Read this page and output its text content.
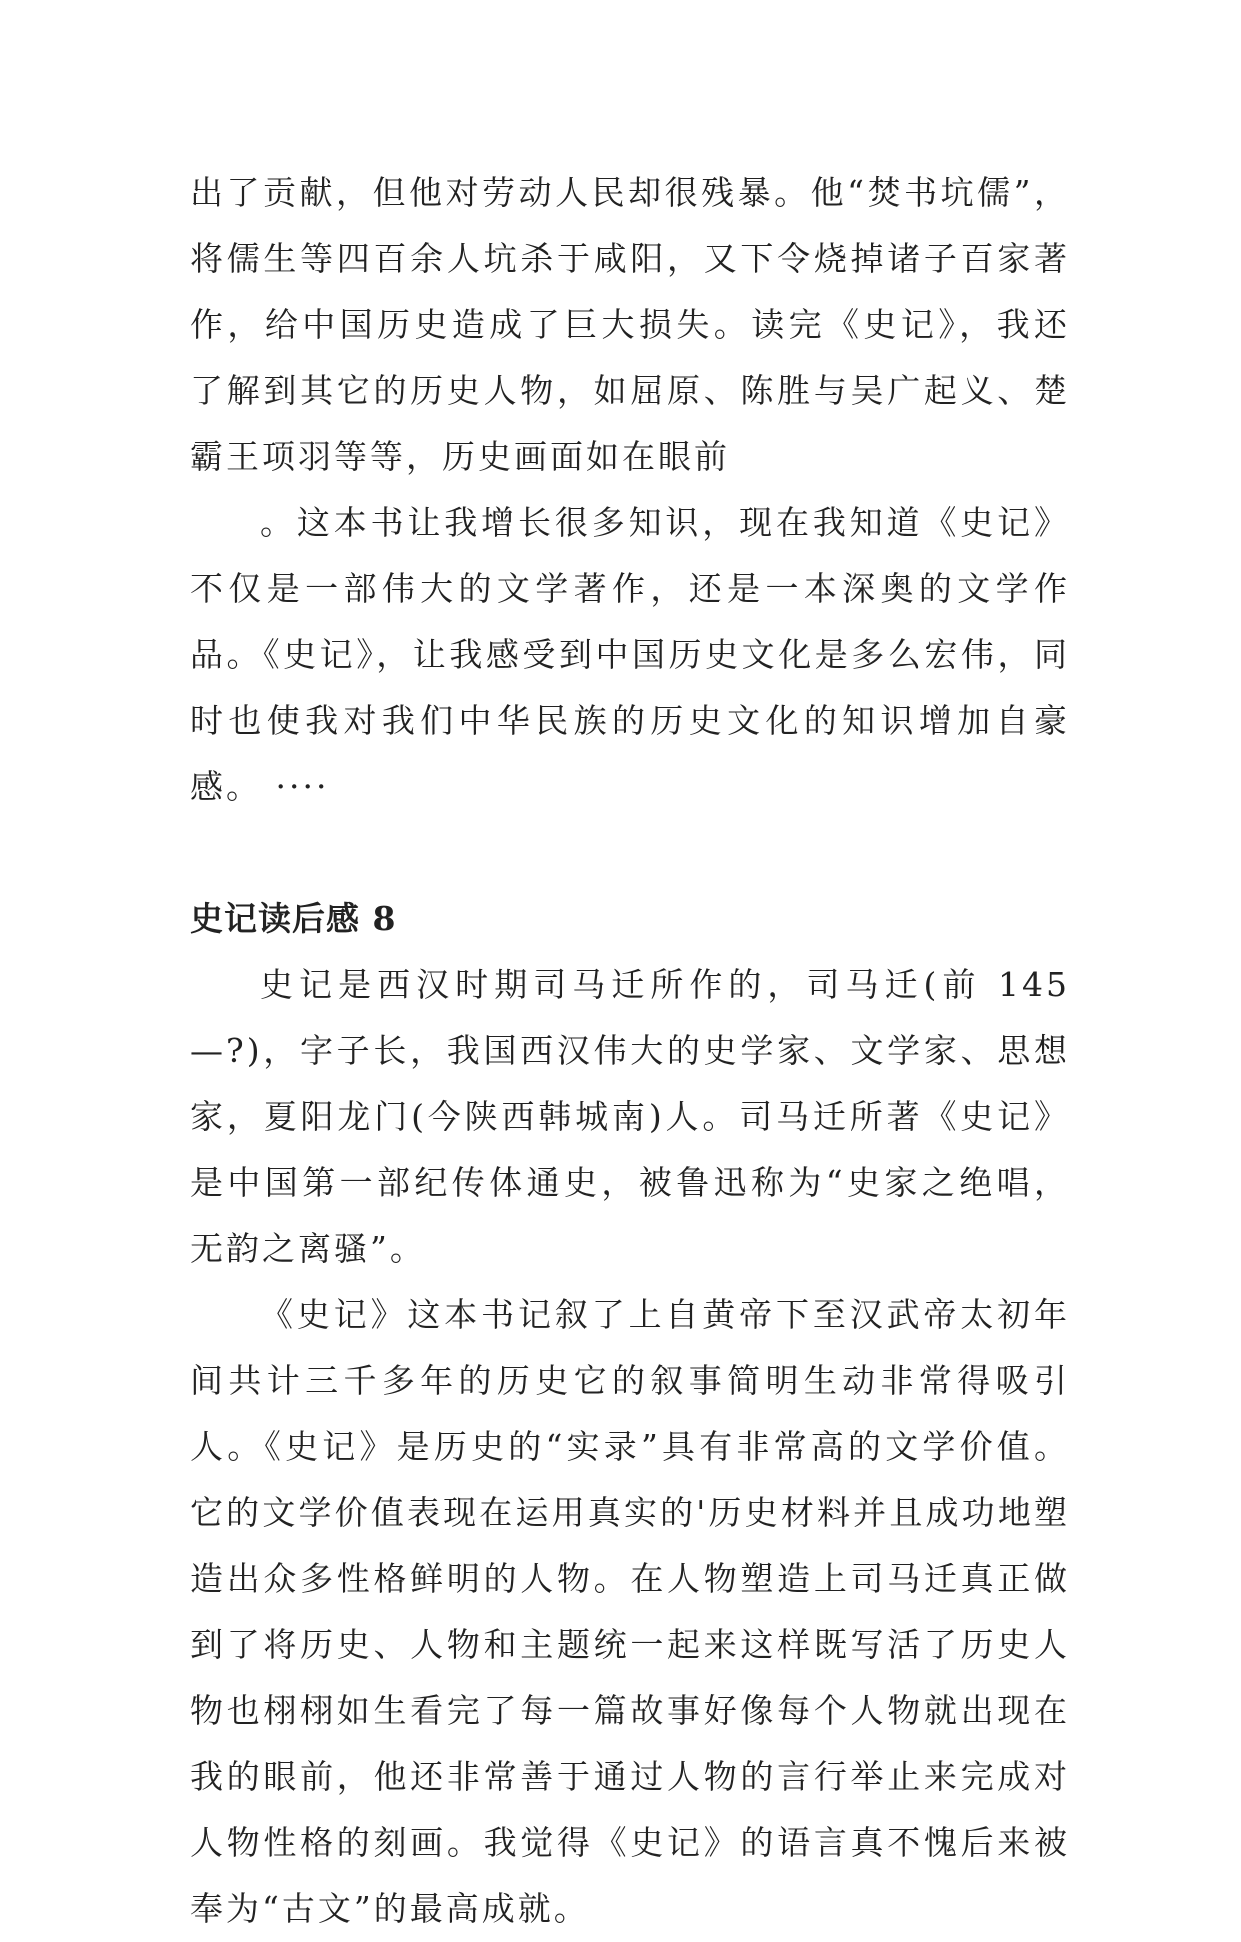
出了贡献，但他对劳动人民却很残暴。他“焚书坑儒”，将儒生等四百余人坑杀于咸阳，又下令烧掉诸子百家著作，给中国历史造成了巨大损失。读完《史记》，我还了解到其它的历史人物，如屈原、陈胜与吴广起义、楚霸王项羽等等，历史画面如在眼前

。这本书让我增长很多知识，现在我知道《史记》不仅是一部伟大的文学著作，还是一本深奥的文学作品。《史记》，让我感受到中国历史文化是多么宏伟，同时也使我对我们中华民族的历史文化的知识增加自豪感。 ····

史记读后感 8

史记是西汉时期司马迁所作的，司马迁(前 145—?)，字子长，我国西汉伟大的史学家、文学家、思想家，夏阳龙门(今陕西韩城南)人。司马迁所著《史记》是中国第一部纪传体通史，被鲁迅称为“史家之绝唱，无韵之离骚”。

《史记》这本书记叙了上自黄帝下至汉武帝太初年间共计三千多年的历史它的叙事简明生动非常得吸引人。《史记》是历史的“实录”具有非常高的文学价值。它的文学价值表现在运用真实的'历史材料并且成功地塑造出众多性格鲜明的人物。在人物塑造上司马迁真正做到了将历史、人物和主题统一起来这样既写活了历史人物也栩栩如生看完了每一篇故事好像每个人物就出现在我的眼前，他还非常善于通过人物的言行举止来完成对人物性格的刻画。我觉得《史记》的语言真不愧后来被奉为“古文”的最高成就。
